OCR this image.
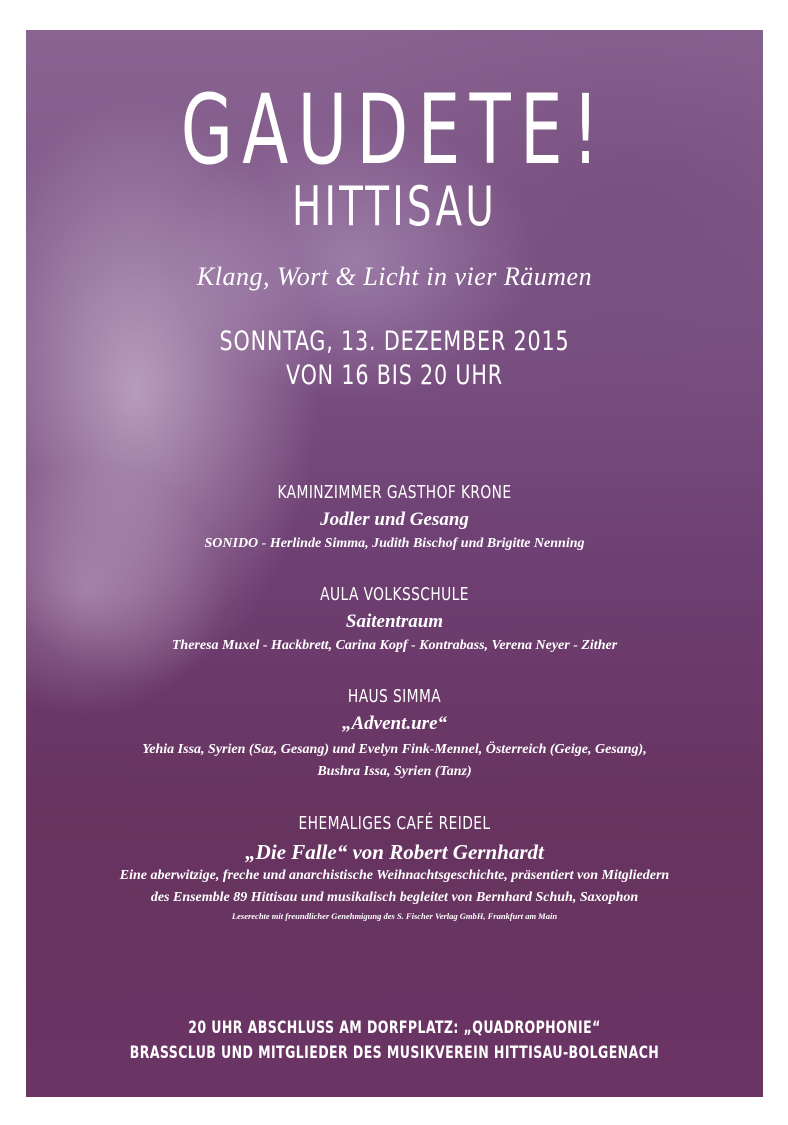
GAUDETE!
HITTISAU
Klang, Wort & Licht in vier Räumen
SONNTAG, 13. DEZEMBER 2015
VON 16 BIS 20 UHR
KAMINZIMMER GASTHOF KRONE
Jodler und Gesang
SONIDO - Herlinde Simma, Judith Bischof und Brigitte Nenning
AULA VOLKSSCHULE
Saitentraum
Theresa Muxel - Hackbrett, Carina Kopf - Kontrabass, Verena Neyer - Zither
HAUS SIMMA
„Advent.ure“
Yehia Issa, Syrien (Saz, Gesang) und Evelyn Fink-Mennel, Österreich (Geige, Gesang),
Bushra Issa, Syrien (Tanz)
EHEMALIGES CAFÉ REIDEL
„Die Falle“ von Robert Gernhardt
Eine aberwitzige, freche und anarchistische Weihnachtsgeschichte, präsentiert von Mitgliedern
des Ensemble 89 Hittisau und musikalisch begleitet von Bernhard Schuh, Saxophon
Leserechte mit freundlicher Genehmigung des S. Fischer Verlag GmbH, Frankfurt am Main
20 UHR ABSCHLUSS AM DORFPLATZ: „QUADROPHONIE“
BRASSCLUB UND MITGLIEDER DES MUSIKVEREIN HITTISAU-BOLGENACH
